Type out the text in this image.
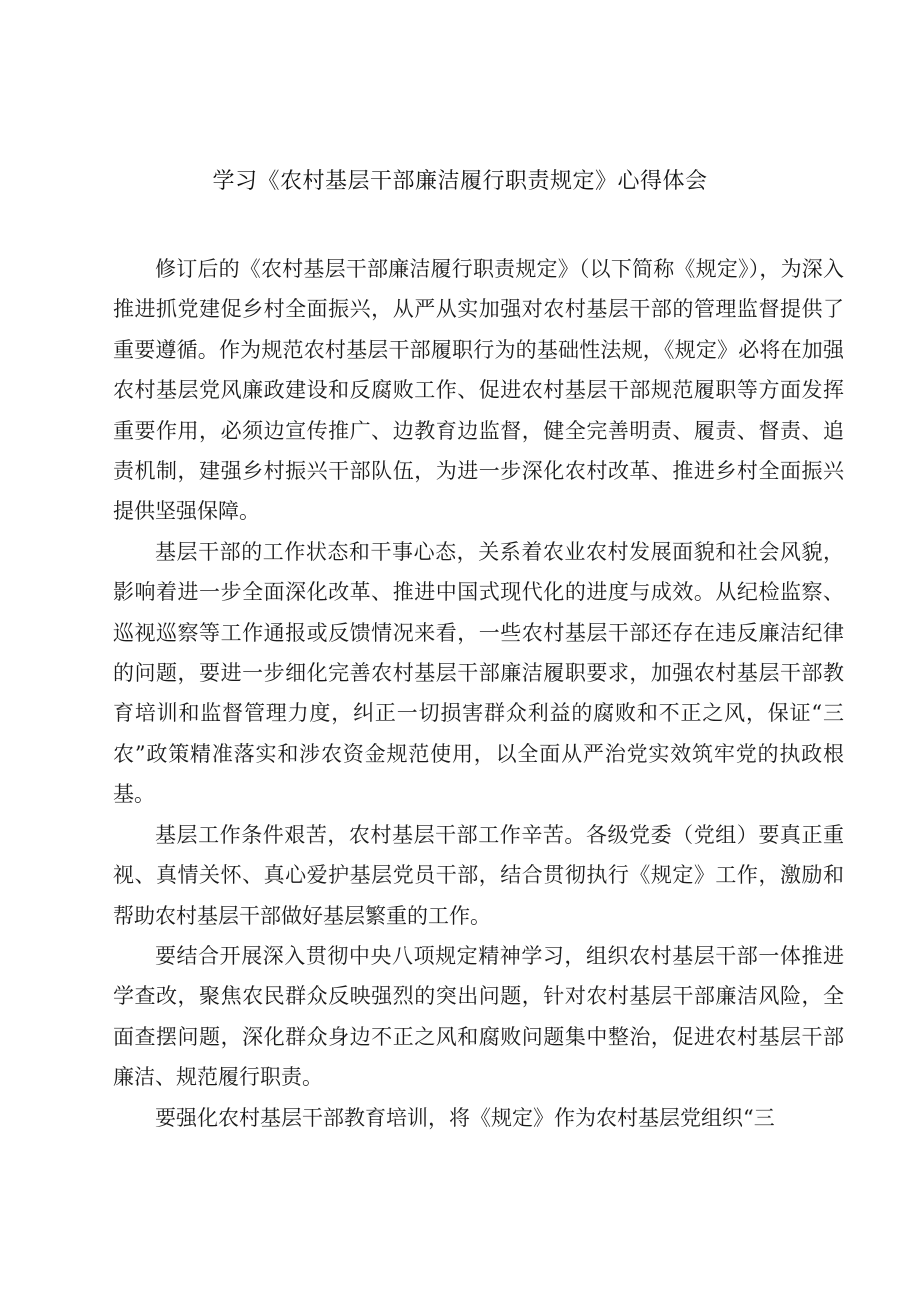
学习《农村基层干部廉洁履行职责规定》心得体会

修订后的《农村基层干部廉洁履行职责规定》（以下简称《规定》），为深入推进抓党建促乡村全面振兴，从严从实加强对农村基层干部的管理监督提供了重要遵循。作为规范农村基层干部履职行为的基础性法规，《规定》必将在加强农村基层党风廉政建设和反腐败工作、促进农村基层干部规范履职等方面发挥重要作用，必须边宣传推广、边教育边监督，健全完善明责、履责、督责、追责机制，建强乡村振兴干部队伍，为进一步深化农村改革、推进乡村全面振兴提供坚强保障。

基层干部的工作状态和干事心态，关系着农业农村发展面貌和社会风貌，影响着进一步全面深化改革、推进中国式现代化的进度与成效。从纪检监察、巡视巡察等工作通报或反馈情况来看，一些农村基层干部还存在违反廉洁纪律的问题，要进一步细化完善农村基层干部廉洁履职要求，加强农村基层干部教育培训和监督管理力度，纠正一切损害群众利益的腐败和不正之风，保证“三农”政策精准落实和涉农资金规范使用，以全面从严治党实效筑牢党的执政根基。

基层工作条件艰苦，农村基层干部工作辛苦。各级党委（党组）要真正重视、真情关怀、真心爱护基层党员干部，结合贯彻执行《规定》工作，激励和帮助农村基层干部做好基层繁重的工作。

要结合开展深入贯彻中央八项规定精神学习，组织农村基层干部一体推进学查改，聚焦农民群众反映强烈的突出问题，针对农村基层干部廉洁风险，全面查摆问题，深化群众身边不正之风和腐败问题集中整治，促进农村基层干部廉洁、规范履行职责。

要强化农村基层干部教育培训，将《规定》作为农村基层党组织“三
